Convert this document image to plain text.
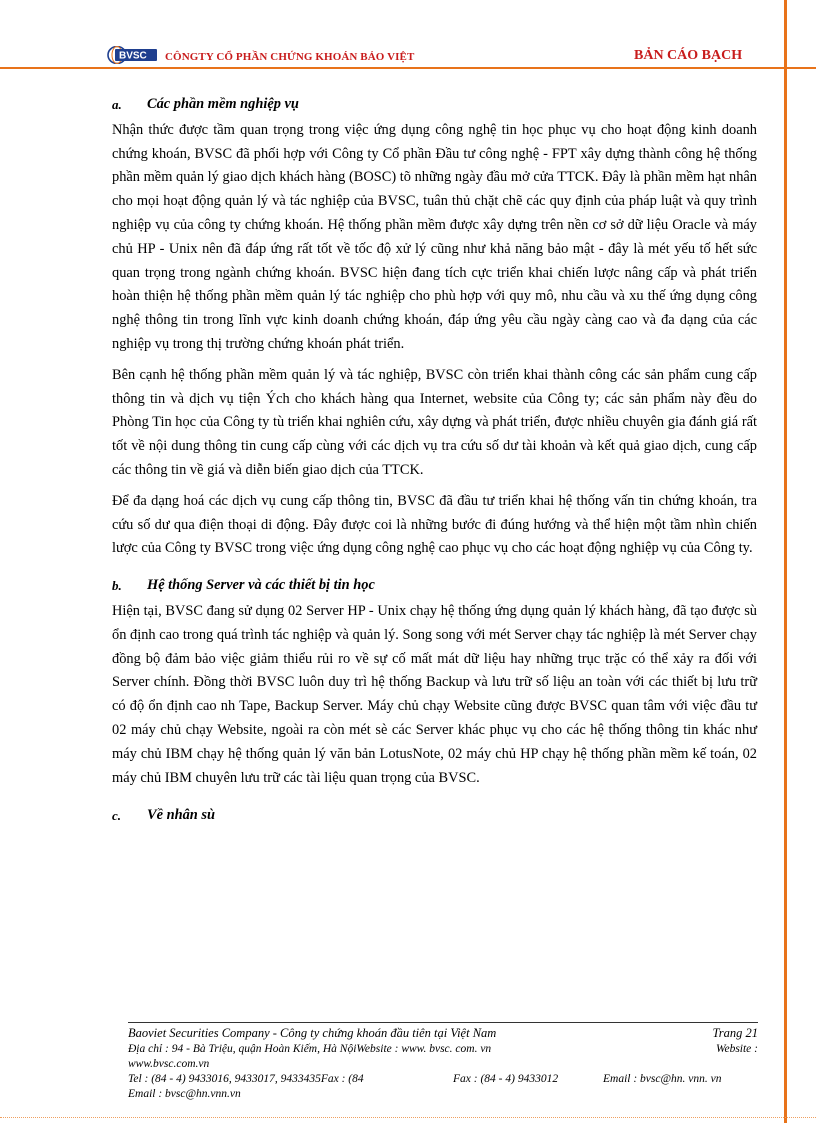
BVSC CÔNGTY CỔ PHẦN CHỨNG KHOÁN BẢO VIỆT	BẢN CÁO BẠCH
a.	Các phần mềm nghiệp vụ

Nhận thức được tầm quan trọng trong việc ứng dụng công nghệ tin học phục vụ cho hoạt động kinh doanh chứng khoán, BVSC đã phối hợp với Công ty Cổ phần Đầu tư công nghệ - FPT xây dựng thành công hệ thống phần mềm quản lý giao dịch khách hàng (BOSC) tõ những ngày đầu mở cửa TTCK. Đây là phần mềm hạt nhân cho mọi hoạt động quản lý và tác nghiệp của BVSC, tuân thủ chặt chẽ các quy định của pháp luật và quy trình nghiệp vụ của công ty chứng khoán. Hệ thống phần mềm được xây dựng trên nền cơ sở dữ liệu Oracle và máy chủ HP - Unix nên đã đáp ứng rất tốt về tốc độ xử lý cũng như khả năng bảo mật - đây là mét yếu tố hết sức quan trọng trong ngành chứng khoán. BVSC hiện đang tích cực triển khai chiến lược nâng cấp và phát triển hoàn thiện hệ thống phần mềm quản lý tác nghiệp cho phù hợp với quy mô, nhu cầu và xu thế ứng dụng công nghệ thông tin trong lĩnh vực kinh doanh chứng khoán, đáp ứng yêu cầu ngày càng cao và đa dạng của các nghiệp vụ trong thị trường chứng khoán phát triển.

Bên cạnh hệ thống phần mềm quản lý và tác nghiệp, BVSC còn triển khai thành công các sản phẩm cung cấp thông tin và dịch vụ tiện Ých cho khách hàng qua Internet, website của Công ty; các sản phẩm này đều do Phòng Tin học của Công ty tù triển khai nghiên cứu, xây dựng và phát triển, được nhiều chuyên gia đánh giá rất tốt về nội dung thông tin cung cấp cùng với các dịch vụ tra cứu số dư tài khoản và kết quả giao dịch, cung cấp các thông tin về giá và diễn biến giao dịch của TTCK.

Để đa dạng hoá các dịch vụ cung cấp thông tin, BVSC đã đầu tư triển khai hệ thống vấn tin chứng khoán, tra cứu số dư qua điện thoại di động. Đây được coi là những bước đi đúng hướng và thể hiện một tầm nhìn chiến lược của Công ty BVSC trong việc ứng dụng công nghệ cao phục vụ cho các hoạt động nghiệp vụ của Công ty.

b.	Hệ thống Server và các thiết bị tin học

Hiện tại, BVSC đang sử dụng 02 Server HP - Unix chạy hệ thống ứng dụng quản lý khách hàng, đã tạo được sù ổn định cao trong quá trình tác nghiệp và quản lý. Song song với mét Server chạy tác nghiệp là mét Server chạy đồng bộ đảm bảo việc giảm thiểu rủi ro về sự cố mất mát dữ liệu hay những trục trặc có thể xảy ra đối với Server chính. Đồng thời BVSC luôn duy trì hệ thống Backup và lưu trữ số liệu an toàn với các thiết bị lưu trữ có độ ổn định cao nh Tape, Backup Server. Máy chủ chạy Website cũng được BVSC quan tâm với việc đầu tư 02 máy chủ chạy Website, ngoài ra còn mét sè các Server khác phục vụ cho các hệ thống thông tin khác như máy chủ IBM chạy hệ thống quản lý văn bản LotusNote, 02 máy chủ HP chạy hệ thống phần mềm kế toán, 02 máy chủ IBM chuyên lưu trữ các tài liệu quan trọng của BVSC.

c.	Về nhân sù
Baoviet Securities Company - Công ty chứng khoán đầu tiên tại Việt Nam	Trang 21
Địa chỉ : 94 - Bà Triệu, quận Hoàn Kiếm, Hà NộiWebsite : www. bvsc. com. vn	Website :
www.bvsc.com.vn
Tel : (84 - 4) 9433016, 9433017, 9433435Fax : (84	Fax : (84 - 4) 9433012	Email : bvsc@hn. vnn. vn
Email : bvsc@hn.vnn.vn
